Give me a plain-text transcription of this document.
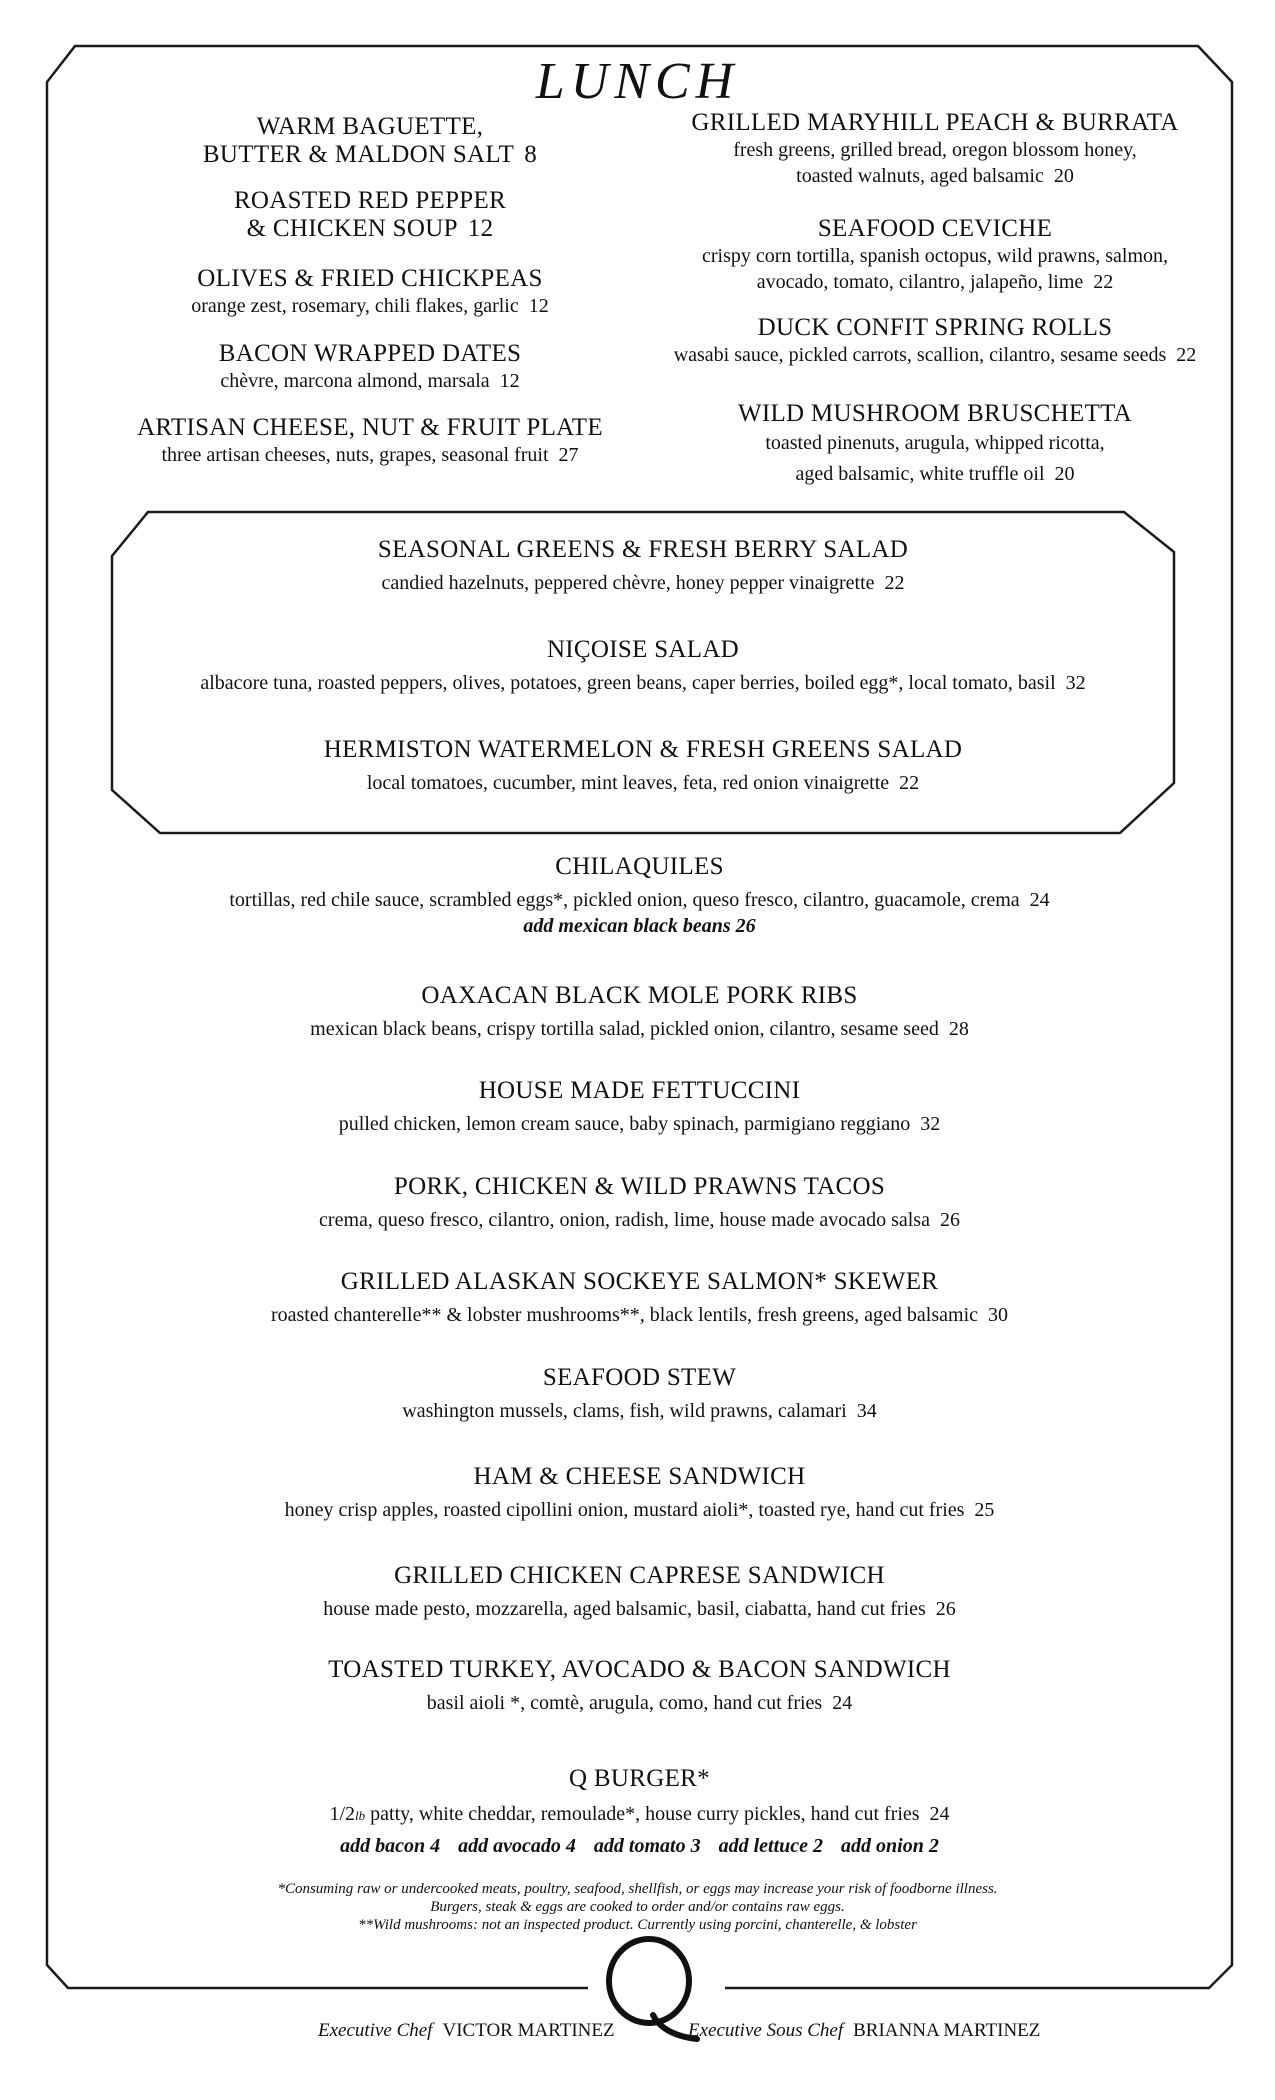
LUNCH
WARM BAGUETTE,
BUTTER & MALDON SALT 8
ROASTED RED PEPPER
& CHICKEN SOUP 12
OLIVES & FRIED CHICKPEAS
orange zest, rosemary, chili flakes, garlic 12
BACON WRAPPED DATES
chèvre, marcona almond, marsala 12
ARTISAN CHEESE, NUT & FRUIT PLATE
three artisan cheeses, nuts, grapes, seasonal fruit 27
GRILLED MARYHILL PEACH & BURRATA
fresh greens, grilled bread, oregon blossom honey,
toasted walnuts, aged balsamic 20
SEAFOOD CEVICHE
crispy corn tortilla, spanish octopus, wild prawns, salmon,
avocado, tomato, cilantro, jalapeño, lime 22
DUCK CONFIT SPRING ROLLS
wasabi sauce, pickled carrots, scallion, cilantro, sesame seeds 22
WILD MUSHROOM BRUSCHETTA
toasted pinenuts, arugula, whipped ricotta,
aged balsamic, white truffle oil 20
SEASONAL GREENS & FRESH BERRY SALAD
candied hazelnuts, peppered chèvre, honey pepper vinaigrette 22
NIÇOISE SALAD
albacore tuna, roasted peppers, olives, potatoes, green beans, caper berries, boiled egg*, local tomato, basil 32
HERMISTON WATERMELON & FRESH GREENS SALAD
local tomatoes, cucumber, mint leaves, feta, red onion vinaigrette 22
CHILAQUILES
tortillas, red chile sauce, scrambled eggs*, pickled onion, queso fresco, cilantro, guacamole, crema 24
add mexican black beans 26
OAXACAN BLACK MOLE PORK RIBS
mexican black beans, crispy tortilla salad, pickled onion, cilantro, sesame seed 28
HOUSE MADE FETTUCCINI
pulled chicken, lemon cream sauce, baby spinach, parmigiano reggiano 32
PORK, CHICKEN & WILD PRAWNS TACOS
crema, queso fresco, cilantro, onion, radish, lime, house made avocado salsa 26
GRILLED ALASKAN SOCKEYE SALMON* SKEWER
roasted chanterelle** & lobster mushrooms**, black lentils, fresh greens, aged balsamic 30
SEAFOOD STEW
washington mussels, clams, fish, wild prawns, calamari 34
HAM & CHEESE SANDWICH
honey crisp apples, roasted cipollini onion, mustard aioli*, toasted rye, hand cut fries 25
GRILLED CHICKEN CAPRESE SANDWICH
house made pesto, mozzarella, aged balsamic, basil, ciabatta, hand cut fries 26
TOASTED TURKEY, AVOCADO & BACON SANDWICH
basil aioli *, comtè, arugula, como, hand cut fries 24
Q BURGER*
1/2lb patty, white cheddar, remoulade*, house curry pickles, hand cut fries 24
add bacon 4 add avocado 4 add tomato 3 add lettuce 2 add onion 2
*Consuming raw or undercooked meats, poultry, seafood, shellfish, or eggs may increase your risk of foodborne illness.
Burgers, steak & eggs are cooked to order and/or contains raw eggs.
**Wild mushrooms: not an inspected product. Currently using porcini, chanterelle, & lobster
Executive Chef VICTOR MARTINEZ	Executive Sous Chef BRIANNA MARTINEZ
